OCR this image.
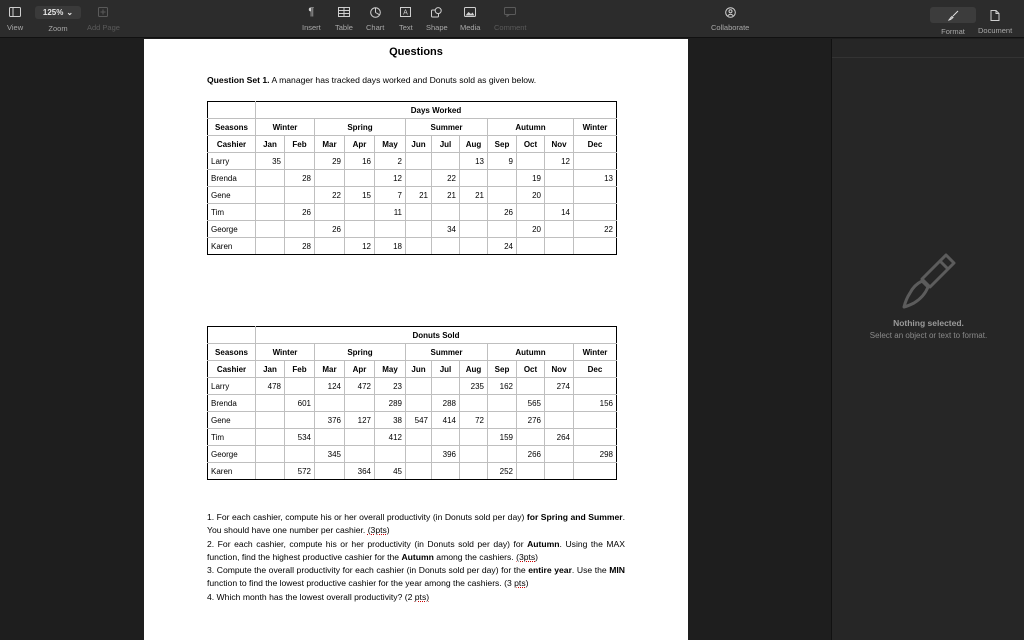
View
125% ⌄
Zoom	Add Page
¶
Insert Table Chart
A
Text Shape Media Comment	Collaborate	Format Document
Questions
Question Set 1. A manager has tracked days worked and Donuts sold as given below.
	Days Worked											
Seasons	Winter		Spring			Summer			Autumn			Winter
Cashier	Jan	Feb	Mar	Apr	May	Jun	Jul	Aug	Sep	Oct	Nov	Dec
Larry	35		29	16	2			13	9		12	
Brenda		28			12		22			19		13
Gene			22	15	7	21	21	21		20		
Tim		26			11				26		14	
George			26				34			20		22
Karen		28		12	18				24			
	Donuts Sold											
Seasons	Winter		Spring			Summer			Autumn			Winter
Cashier	Jan	Feb	Mar	Apr	May	Jun	Jul	Aug	Sep	Oct	Nov	Dec
Larry	478		124	472	23			235	162		274	
Brenda		601			289		288			565		156
Gene			376	127	38	547	414	72		276		
Tim		534			412				159		264	
George			345				396			266		298
Karen		572		364	45				252			

1. For each cashier, compute his or her overall productivity (in Donuts sold per day) for Spring and Summer. You should have one number per cashier. (3pts)

2. For each cashier, compute his or her productivity (in Donuts sold per day) for Autumn. Using the MAX function, find the highest productive cashier for the Autumn among the cashiers. (3pts)

3. Compute the overall productivity for each cashier (in Donuts sold per day) for the entire year. Use the MIN function to find the lowest productive cashier for the year among the cashiers. (3 pts)

4. Which month has the lowest overall productivity? (2 pts)

Nothing selected.
Select an object or text to format.
